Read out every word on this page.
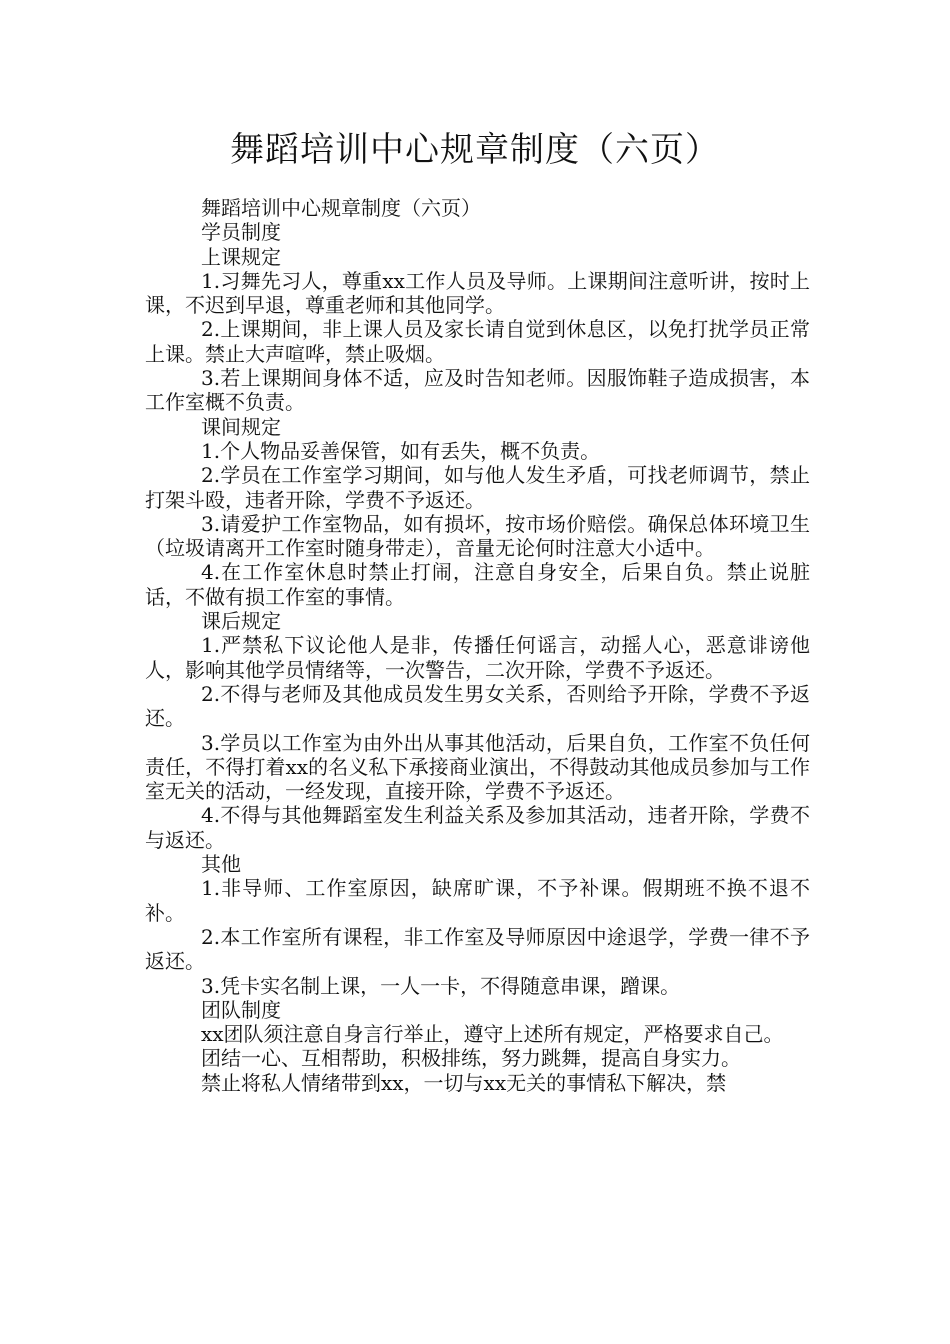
舞蹈培训中心规章制度（六页）

舞蹈培训中心规章制度（六页）

学员制度

上课规定

1.习舞先习人，尊重xx工作人员及导师。上课期间注意听讲，按时上课，不迟到早退，尊重老师和其他同学。

2.上课期间，非上课人员及家长请自觉到休息区，以免打扰学员正常上课。禁止大声喧哗，禁止吸烟。

3.若上课期间身体不适，应及时告知老师。因服饰鞋子造成损害，本工作室概不负责。

课间规定

1.个人物品妥善保管，如有丢失，概不负责。

2.学员在工作室学习期间，如与他人发生矛盾，可找老师调节，禁止打架斗殴，违者开除，学费不予返还。

3.请爱护工作室物品，如有损坏，按市场价赔偿。确保总体环境卫生（垃圾请离开工作室时随身带走），音量无论何时注意大小适中。

4.在工作室休息时禁止打闹，注意自身安全，后果自负。禁止说脏话，不做有损工作室的事情。

课后规定

1.严禁私下议论他人是非，传播任何谣言，动摇人心，恶意诽谤他人，影响其他学员情绪等，一次警告，二次开除，学费不予返还。

2.不得与老师及其他成员发生男女关系，否则给予开除，学费不予返还。

3.学员以工作室为由外出从事其他活动，后果自负，工作室不负任何责任，不得打着xx的名义私下承接商业演出，不得鼓动其他成员参加与工作室无关的活动，一经发现，直接开除，学费不予返还。

4.不得与其他舞蹈室发生利益关系及参加其活动，违者开除，学费不与返还。

其他

1.非导师、工作室原因，缺席旷课，不予补课。假期班不换不退不补。

2.本工作室所有课程，非工作室及导师原因中途退学，学费一律不予返还。

3.凭卡实名制上课，一人一卡，不得随意串课，蹭课。

团队制度

xx团队须注意自身言行举止，遵守上述所有规定，严格要求自己。

团结一心、互相帮助，积极排练，努力跳舞，提高自身实力。

禁止将私人情绪带到xx，一切与xx无关的事情私下解决，禁
